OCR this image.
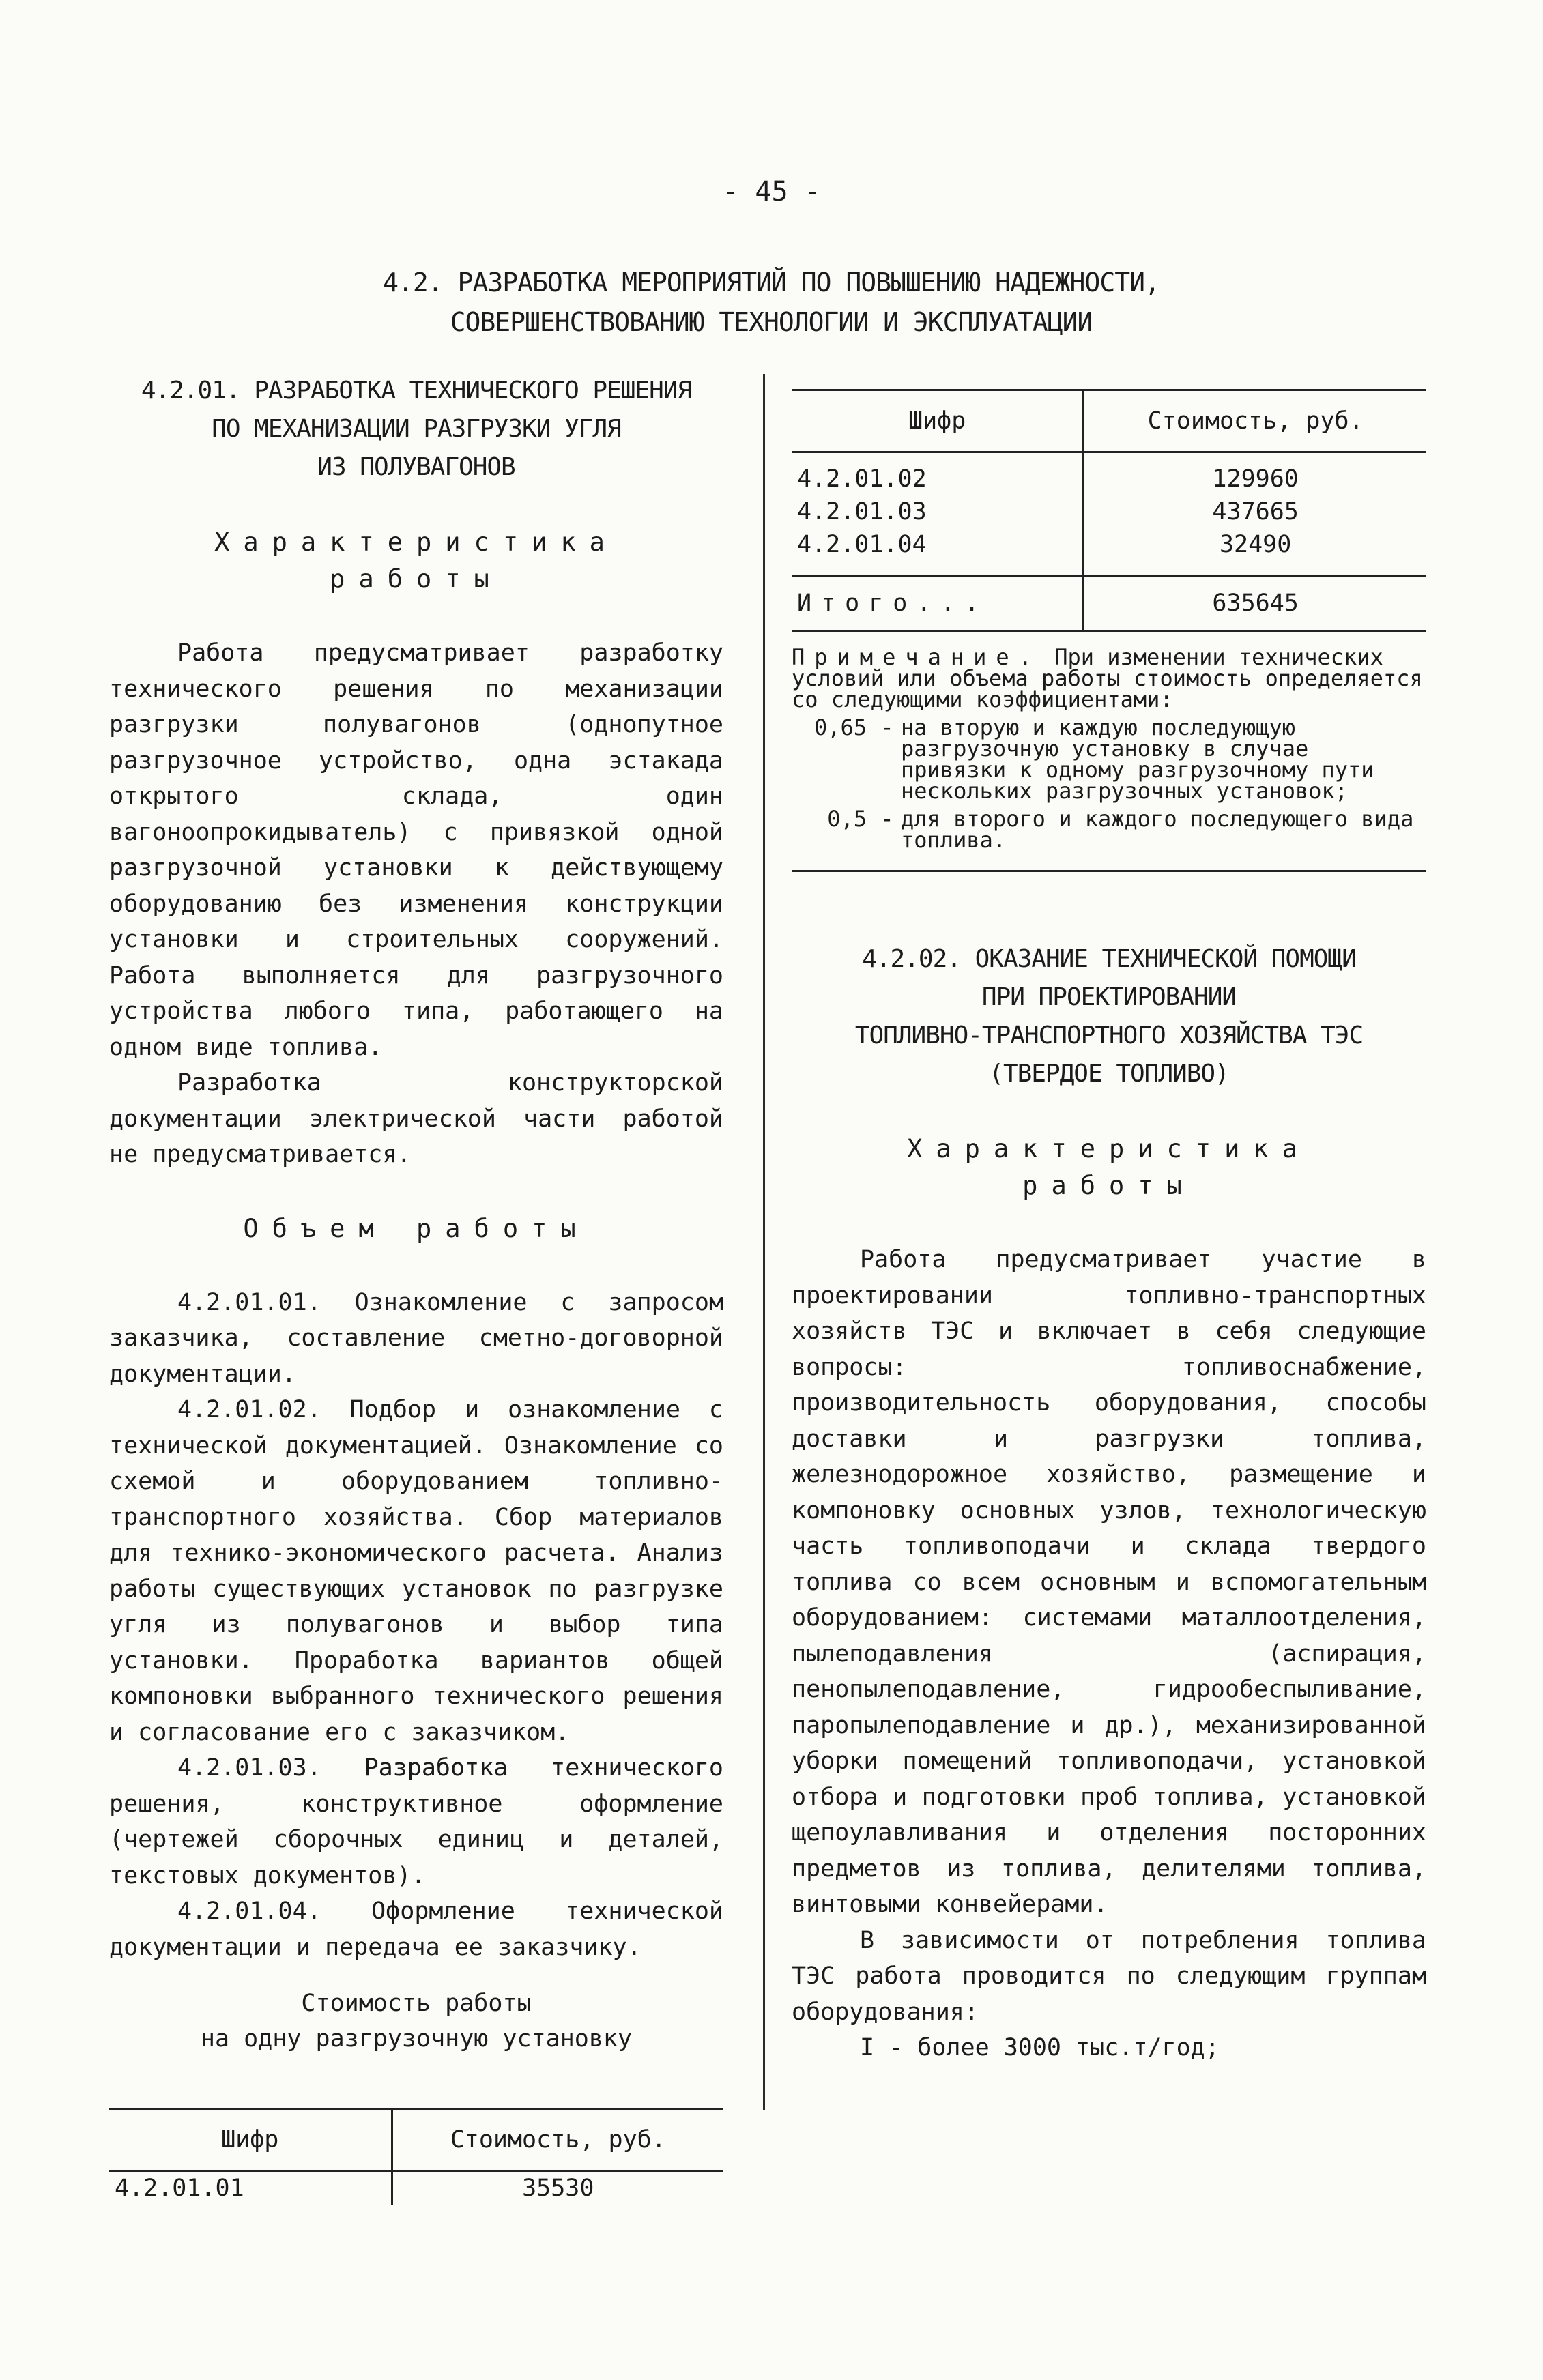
- 45 -
4.2. РАЗРАБОТКА МЕРОПРИЯТИЙ ПО ПОВЫШЕНИЮ НАДЕЖНОСТИ,
СОВЕРШЕНСТВОВАНИЮ ТЕХНОЛОГИИ И ЭКСПЛУАТАЦИИ
4.2.01. РАЗРАБОТКА ТЕХНИЧЕСКОГО РЕШЕНИЯ
ПО МЕХАНИЗАЦИИ РАЗГРУЗКИ УГЛЯ
ИЗ ПОЛУВАГОНОВ
Характеристика
работы

Работа предусматривает разработку технического решения по механизации разгрузки полувагонов (однопутное разгрузочное устройство, одна эстакада открытого склада, один вагоноопрокидыватель) с привязкой одной разгрузочной установки к действующему оборудованию без изменения конструкции установки и строительных сооружений. Работа выполняется для разгрузочного устройства любого типа, работающего на одном виде топлива.

Разработка конструкторской документации электрической части работой не предусматривается.

Объем работы

4.2.01.01. Ознакомление с запросом заказчика, составление сметно-договорной документации.

4.2.01.02. Подбор и ознакомление с технической документацией. Ознакомление со схемой и оборудованием топливно-транспортного хозяйства. Сбор материалов для технико-экономического расчета. Анализ работы существующих установок по разгрузке угля из полувагонов и выбор типа установки. Проработка вариантов общей компоновки выбранного технического решения и согласование его с заказчиком.

4.2.01.03. Разработка технического решения, конструктивное оформление (чертежей сборочных единиц и деталей, текстовых документов).

4.2.01.04. Оформление технической документации и передача ее заказчику.

Стоимость работы
на одну разгрузочную установку
Шифр	Стоимость, руб.
4.2.01.01	35530
Шифр	Стоимость, руб.
4.2.01.02	129960
4.2.01.03	437665
4.2.01.04	32490
Итого...	635645
Примечание. При изменении технических условий или объема работы стоимость определяется со следующими коэффициентами:
0,65 - на вторую и каждую последующую разгрузочную установку в случае привязки к одному разгрузочному пути нескольких разгрузочных установок;
0,5 - для второго и каждого последующего вида топлива.
4.2.02. ОКАЗАНИЕ ТЕХНИЧЕСКОЙ ПОМОЩИ
ПРИ ПРОЕКТИРОВАНИИ
ТОПЛИВНО-ТРАНСПОРТНОГО ХОЗЯЙСТВА ТЭС
(ТВЕРДОЕ ТОПЛИВО)
Характеристика
работы

Работа предусматривает участие в проектировании топливно-транспортных хозяйств ТЭС и включает в себя следующие вопросы: топливоснабжение, производительность оборудования, способы доставки и разгрузки топлива, железнодорожное хозяйство, размещение и компоновку основных узлов, технологическую часть топливоподачи и склада твердого топлива со всем основным и вспомогательным оборудованием: системами маталлоотделения, пылеподавления (аспирация, пенопылеподавление, гидрообеспыливание, паропылеподавление и др.), механизированной уборки помещений топливоподачи, установкой отбора и подготовки проб топлива, установкой щепоулавливания и отделения посторонних предметов из топлива, делителями топлива, винтовыми конвейерами.

В зависимости от потребления топлива ТЭС работа проводится по следующим группам оборудования:

I - более 3000 тыс.т/год;
